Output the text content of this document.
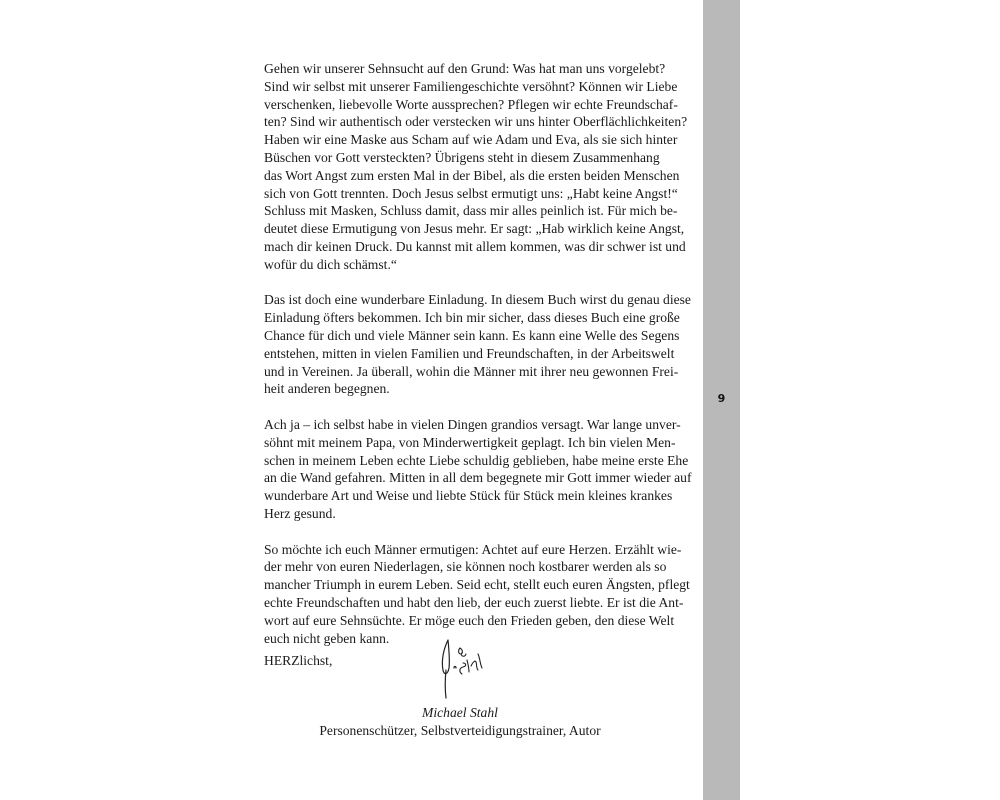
Gehen wir unserer Sehnsucht auf den Grund: Was hat man uns vorgelebt?
Sind wir selbst mit unserer Familiengeschichte versöhnt? Können wir Liebe
verschenken, liebevolle Worte aussprechen? Pflegen wir echte Freundschaf-
ten? Sind wir authentisch oder verstecken wir uns hinter Oberflächlichkeiten?
Haben wir eine Maske aus Scham auf wie Adam und Eva, als sie sich hinter
Büschen vor Gott versteckten? Übrigens steht in diesem Zusammenhang
das Wort Angst zum ersten Mal in der Bibel, als die ersten beiden Menschen
sich von Gott trennten. Doch Jesus selbst ermutigt uns: „Habt keine Angst!“
Schluss mit Masken, Schluss damit, dass mir alles peinlich ist. Für mich be-
deutet diese Ermutigung von Jesus mehr. Er sagt: „Hab wirklich keine Angst,
mach dir keinen Druck. Du kannst mit allem kommen, was dir schwer ist und
wofür du dich schämst.“

Das ist doch eine wunderbare Einladung. In diesem Buch wirst du genau diese
Einladung öfters bekommen. Ich bin mir sicher, dass dieses Buch eine große
Chance für dich und viele Männer sein kann. Es kann eine Welle des Segens
entstehen, mitten in vielen Familien und Freundschaften, in der Arbeitswelt
und in Vereinen. Ja überall, wohin die Männer mit ihrer neu gewonnen Frei-
heit anderen begegnen.

Ach ja – ich selbst habe in vielen Dingen grandios versagt. War lange unver-
söhnt mit meinem Papa, von Minderwertigkeit geplagt. Ich bin vielen Men-
schen in meinem Leben echte Liebe schuldig geblieben, habe meine erste Ehe
an die Wand gefahren. Mitten in all dem begegnete mir Gott immer wieder auf
wunderbare Art und Weise und liebte Stück für Stück mein kleines krankes
Herz gesund.

So möchte ich euch Männer ermutigen: Achtet auf eure Herzen. Erzählt wie-
der mehr von euren Niederlagen, sie können noch kostbarer werden als so
mancher Triumph in eurem Leben. Seid echt, stellt euch euren Ängsten, pflegt
echte Freundschaften und habt den lieb, der euch zuerst liebte. Er ist die Ant-
wort auf eure Sehnsüchte. Er möge euch den Frieden geben, den diese Welt
euch nicht geben kann.

HERZlichst,
Michael Stahl
Personenschützer, Selbstverteidigungstrainer, Autor
9
